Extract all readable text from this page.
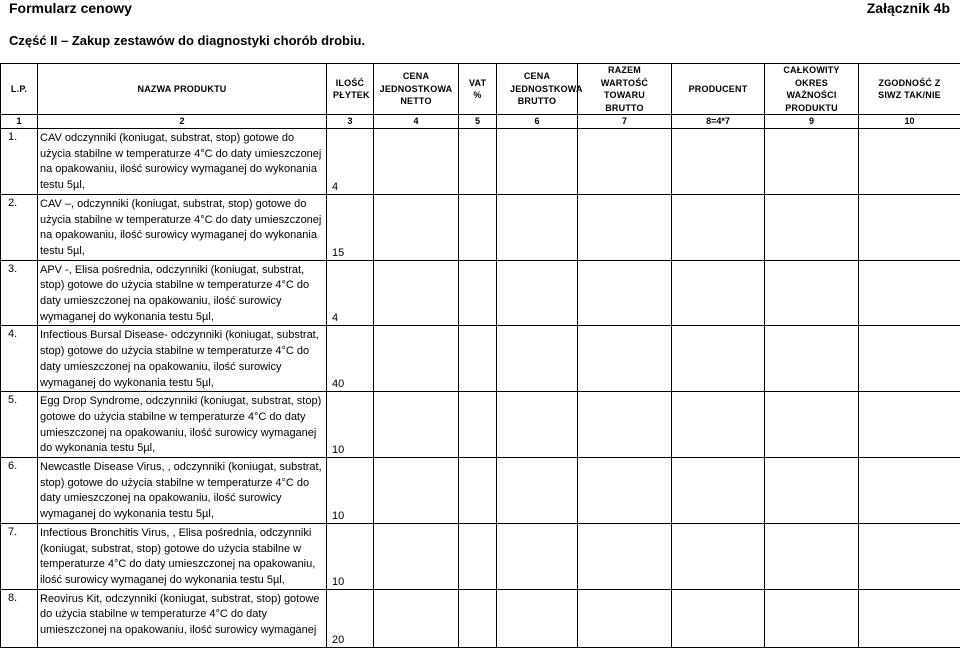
Formularz cenowy	Załącznik 4b
Część II – Zakup zestawów do diagnostyki chorób drobiu.
L.P.	NAZWA PRODUKTU	ILOŚĆ PŁYTEK	CENA JEDNOSTKOWA NETTO	VAT %	CENA JEDNOSTKOWA BRUTTO	RAZEM WARTOŚĆ TOWARU BRUTTO	PRODUCENT	CAŁKOWITY OKRES WAŻNOŚCI PRODUKTU	ZGODNOŚĆ Z SIWZ TAK/NIE
1	2	3	4	5	6	7	8=4*7	9	10
1.	CAV odczynniki (koniugat, substrat, stop) gotowe do użycia stabilne w temperaturze 4°C do daty umieszczonej na opakowaniu, ilość surowicy wymaganej do wykonania testu 5µl,	4							
2.	CAV –, odczynniki (koniugat, substrat, stop) gotowe do użycia stabilne w temperaturze 4°C do daty umieszczonej na opakowaniu, ilość surowicy wymaganej do wykonania testu 5µl,	15							
3.	APV -, Elisa pośrednia, odczynniki (koniugat, substrat, stop) gotowe do użycia stabilne w temperaturze 4°C do daty umieszczonej na opakowaniu, ilość surowicy wymaganej do wykonania testu 5µl,	4							
4.	Infectious Bursal Disease- odczynniki (koniugat, substrat, stop) gotowe do użycia stabilne w temperaturze 4°C do daty umieszczonej na opakowaniu, ilość surowicy wymaganej do wykonania testu 5µl,	40							
5.	Egg Drop Syndrome, odczynniki (koniugat, substrat, stop) gotowe do użycia stabilne w temperaturze 4°C do daty umieszczonej na opakowaniu, ilość surowicy wymaganej do wykonania testu 5µl,	10							
6.	Newcastle Disease Virus, , odczynniki (koniugat, substrat, stop) gotowe do użycia stabilne w temperaturze 4°C do daty umieszczonej na opakowaniu, ilość surowicy wymaganej do wykonania testu 5µl,	10							
7.	Infectious Bronchitis Virus, , Elisa pośrednia, odczynniki (koniugat, substrat, stop) gotowe do użycia stabilne w temperaturze 4°C do daty umieszczonej na opakowaniu, ilość surowicy wymaganej do wykonania testu 5µl,	10							
8.	Reovirus Kit, odczynniki (koniugat, substrat, stop) gotowe do użycia stabilne w temperaturze 4°C do daty umieszczonej na opakowaniu, ilość surowicy wymaganej	20							
